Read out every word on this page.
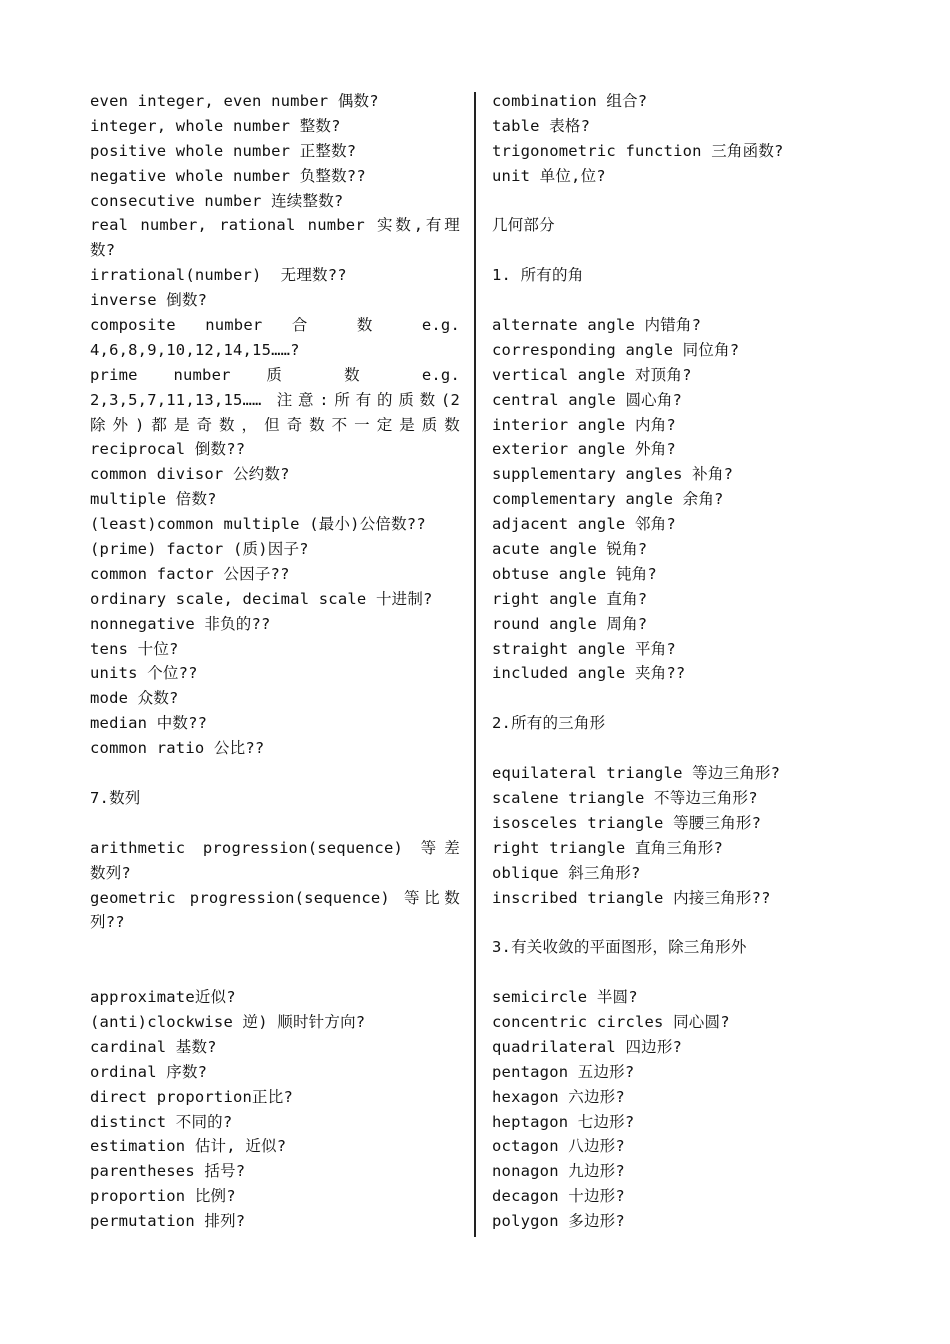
even integer, even number 偶数?
integer, whole number 整数?
positive whole number 正整数?
negative whole number 负整数??
consecutive number 连续整数?
real number, rational number 实数,有理
数?
irrational(number)  无理数??
inverse 倒数?
composite number 合 数 e.g.
4,6,8,9,10,12,14,15……?
prime number 质 数 e.g.
2,3,5,7,11,13,15…… 注意:所有的质数(2
除外)都是奇数，但奇数不一定是质数
reciprocal 倒数??
common divisor 公约数?
multiple 倍数?
(least)common multiple (最小)公倍数??
(prime) factor (质)因子?
common factor 公因子??
ordinary scale, decimal scale 十进制?
nonnegative 非负的??
tens 十位?
units 个位??
mode 众数?
median 中数??
common ratio 公比??
7.数列
arithmetic progression(sequence) 等差
数列?
geometric progression(sequence) 等比数
列??
approximate近似?
(anti)clockwise 逆) 顺时针方向?
cardinal 基数?
ordinal 序数?
direct proportion正比?
distinct 不同的?
estimation 估计, 近似?
parentheses 括号?
proportion 比例?
permutation 排列?
combination 组合?
table 表格?
trigonometric function 三角函数?
unit 单位,位?
几何部分
1. 所有的角
alternate angle 内错角?
corresponding angle 同位角?
vertical angle 对顶角?
central angle 圆心角?
interior angle 内角?
exterior angle 外角?
supplementary angles 补角?
complementary angle 余角?
adjacent angle 邻角?
acute angle 锐角?
obtuse angle 钝角?
right angle 直角?
round angle 周角?
straight angle 平角?
included angle 夹角??
2.所有的三角形
equilateral triangle 等边三角形?
scalene triangle 不等边三角形?
isosceles triangle 等腰三角形?
right triangle 直角三角形?
oblique 斜三角形?
inscribed triangle 内接三角形??
3.有关收敛的平面图形，除三角形外
semicircle 半圆?
concentric circles 同心圆?
quadrilateral 四边形?
pentagon 五边形?
hexagon 六边形?
heptagon 七边形?
octagon 八边形?
nonagon 九边形?
decagon 十边形?
polygon 多边形?
